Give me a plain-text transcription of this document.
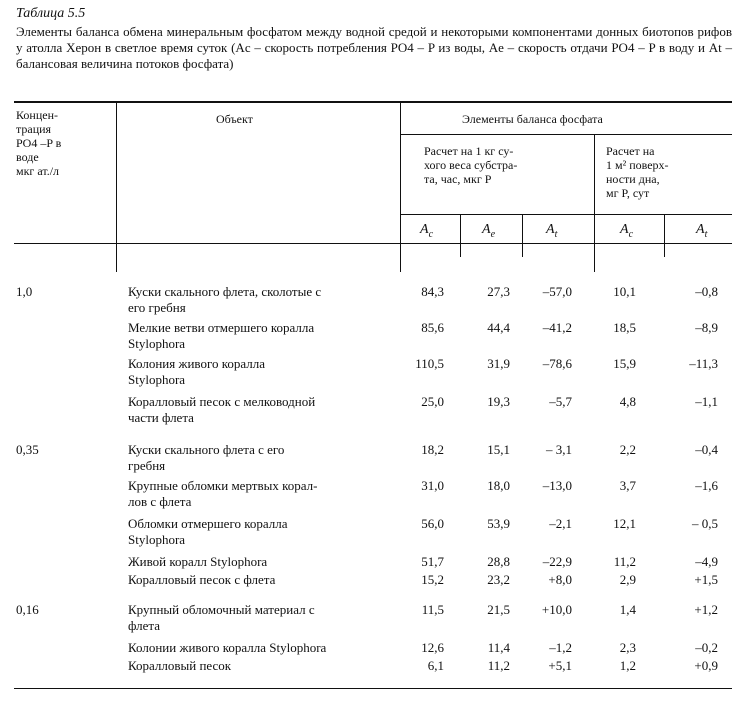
Таблица 5.5
Элементы баланса обмена минеральным фосфатом между водной средой и некоторыми компонентами донных биотопов рифов у атолла Херон в светлое время суток (Ac – скорость потребления PO4 – P из воды, Ae – скорость отдачи PO4 – P в воду и At – балансовая величина потоков фосфата)
Концен-
трация
PO4 –P в
воде
мкг ат./л
Объект	Элементы баланса фосфата
Расчет на 1 кг су-
хого веса субстра-
та, час, мкг P
Расчет на
1 м² поверх-
ности дна,
мг P, сут
$A_c$	$A_e$	$A_t$	$A_c$	$A_t$
1,0	Куски скального флета, сколотые с
его гребня
84,3	27,3	–57,0	10,1	–0,8
Мелкие ветви отмершего коралла
Stylophora
85,6	44,4	–41,2	18,5	–8,9
Колония живого коралла
Stylophora
110,5	31,9	–78,6	15,9	–11,3
Коралловый песок с мелководной
части флета
25,0	19,3	–5,7	4,8	–1,1
0,35	Куски скального флета с его
гребня
18,2	15,1	– 3,1	2,2	–0,4
Крупные обломки мертвых корал-
лов с флета
31,0	18,0	–13,0	3,7	–1,6
Обломки отмершего коралла
Stylophora
56,0	53,9	–2,1	12,1	– 0,5
Живой коралл Stylophora	51,7	28,8	–22,9	11,2	–4,9
Коралловый песок с флета	15,2	23,2	+8,0	2,9	+1,5
0,16	Крупный обломочный материал с
флета
11,5	21,5	+10,0	1,4	+1,2
Колонии живого коралла Stylophora	12,6	11,4	–1,2	2,3	–0,2
Коралловый песок	6,1	11,2	+5,1	1,2	+0,9
